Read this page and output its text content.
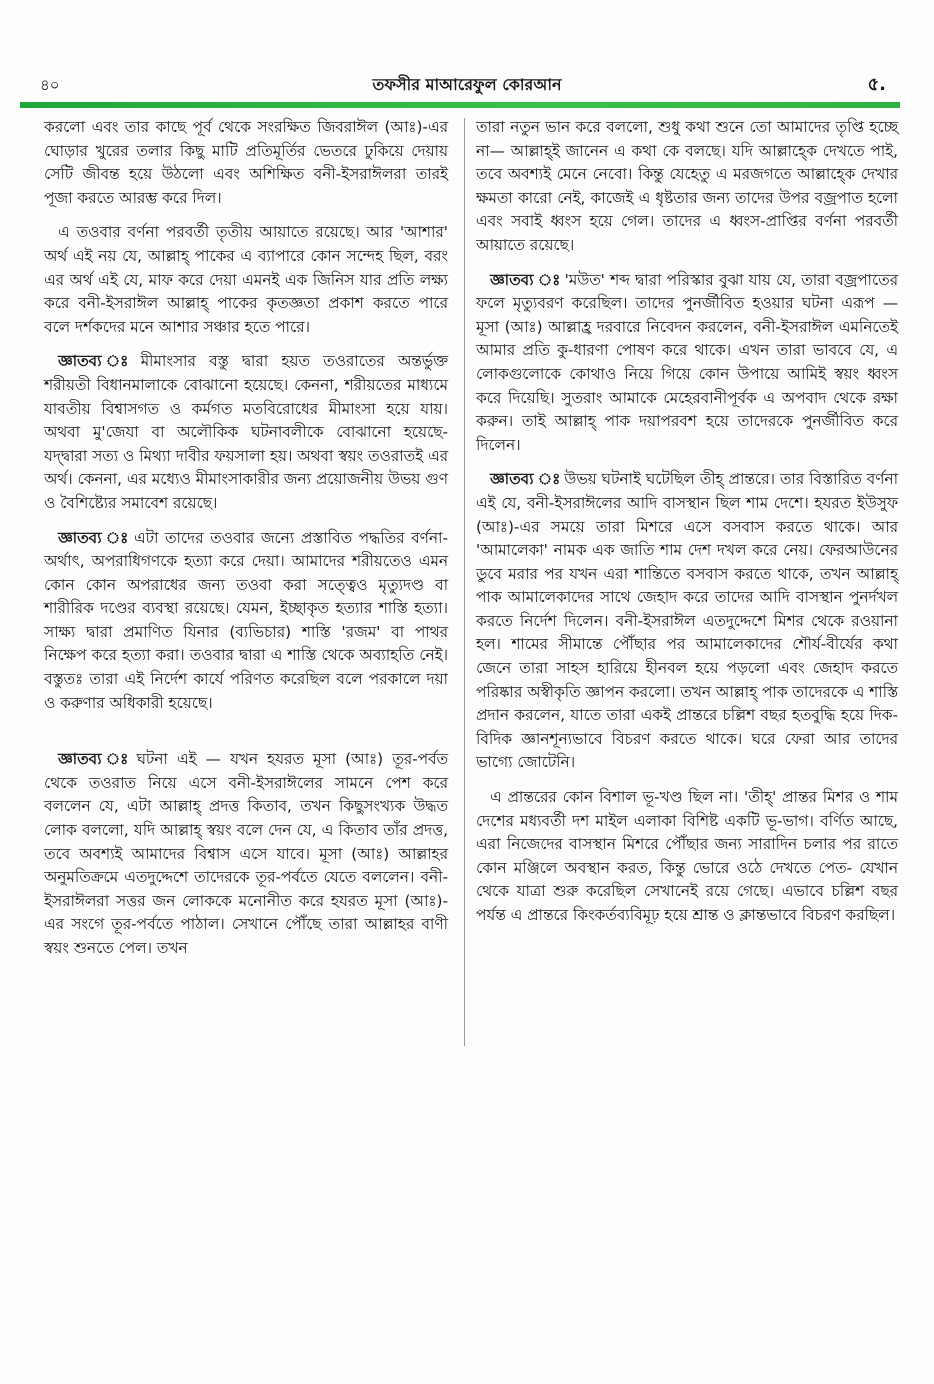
৪০	তফসীর মাআরেফুল কোরআন	৫.

করলো এবং তার কাছে পূর্ব থেকে সংরক্ষিত জিবরাঈল (আঃ)-এর ঘোড়ার খুরের তলার কিছু মাটি প্রতিমূর্তির ভেতরে ঢুকিয়ে দেয়ায় সেটি জীবন্ত হয়ে উঠলো এবং অশিক্ষিত বনী-ইসরাঈলরা তারই পূজা করতে আরম্ভ করে দিল।

এ তওবার বর্ণনা পরবর্তী তৃতীয় আয়াতে রয়েছে। আর 'আশার' অর্থ এই নয় যে, আল্লাহ্ পাকের এ ব্যাপারে কোন সন্দেহ ছিল, বরং এর অর্থ এই যে, মাফ করে দেয়া এমনই এক জিনিস যার প্রতি লক্ষ্য করে বনী-ইসরাঈল আল্লাহ্ পাকের কৃতজ্ঞতা প্রকাশ করতে পারে বলে দর্শকদের মনে আশার সঞ্চার হতে পারে।

জ্ঞাতব্য ঃ মীমাংসার বস্তু দ্বারা হয়ত তওরাতের অন্তর্ভুক্ত শরীয়তী বিধানমালাকে বোঝানো হয়েছে। কেননা, শরীয়তের মাধ্যমে যাবতীয় বিশ্বাসগত ও কর্মগত মতবিরোধের মীমাংসা হয়ে যায়। অথবা মু'জেযা বা অলৌকিক ঘটনাবলীকে বোঝানো হয়েছে- যদ্দ্বারা সত্য ও মিথ্যা দাবীর ফয়সালা হয়। অথবা স্বয়ং তওরাতই এর অর্থ। কেননা, এর মধ্যেও মীমাংসাকারীর জন্য প্রয়োজনীয় উভয় গুণ ও বৈশিষ্ট্যের সমাবেশ রয়েছে।

জ্ঞাতব্য ঃ এটা তাদের তওবার জন্যে প্রস্তাবিত পদ্ধতির বর্ণনা- অর্থাৎ, অপরাধিগণকে হত্যা করে দেয়া। আমাদের শরীয়তেও এমন কোন কোন অপরাধের জন্য তওবা করা সত্ত্বেও মৃত্যুদণ্ড বা শারীরিক দণ্ডের ব্যবস্থা রয়েছে। যেমন, ইচ্ছাকৃত হত্যার শাস্তি হত্যা। সাক্ষ্য দ্বারা প্রমাণিত যিনার (ব্যভিচার) শাস্তি 'রজম' বা পাথর নিক্ষেপ করে হত্যা করা। তওবার দ্বারা এ শাস্তি থেকে অব্যাহতি নেই। বস্তুতঃ তারা এই নির্দেশ কার্যে পরিণত করেছিল বলে পরকালে দয়া ও করুণার অধিকারী হয়েছে।

জ্ঞাতব্য ঃ ঘটনা এই — যখন হযরত মূসা (আঃ) তূর-পর্বত থেকে তওরাত নিয়ে এসে বনী-ইসরাঈলের সামনে পেশ করে বললেন যে, এটা আল্লাহ্ প্রদত্ত কিতাব, তখন কিছুসংখ্যক উদ্ধত লোক বললো, যদি আল্লাহ্ স্বয়ং বলে দেন যে, এ কিতাব তাঁর প্রদত্ত, তবে অবশ্যই আমাদের বিশ্বাস এসে যাবে। মূসা (আঃ) আল্লাহর অনুমতিক্রমে এতদুদ্দেশে তাদেরকে তূর-পর্বতে যেতে বললেন। বনী-ইসরাঈলরা সত্তর জন লোককে মনোনীত করে হযরত মূসা (আঃ)-এর সংগে তূর-পর্বতে পাঠাল। সেখানে পৌঁছে তারা আল্লাহর বাণী স্বয়ং শুনতে পেল। তখন

তারা নতুন ভান করে বললো, শুধু কথা শুনে তো আমাদের তৃপ্তি হচ্ছে না— আল্লাহ্ই জানেন এ কথা কে বলছে। যদি আল্লাহ্কে দেখতে পাই, তবে অবশ্যই মেনে নেবো। কিন্তু যেহেতু এ মরজগতে আল্লাহ্কে দেখার ক্ষমতা কারো নেই, কাজেই এ ধৃষ্টতার জন্য তাদের উপর বজ্রপাত হলো এবং সবাই ধ্বংস হয়ে গেল। তাদের এ ধ্বংস-প্রাপ্তির বর্ণনা পরবর্তী আয়াতে রয়েছে।

জ্ঞাতব্য ঃ 'মউত' শব্দ দ্বারা পরিস্কার বুঝা যায় যে, তারা বজ্রপাতের ফলে মৃত্যুবরণ করেছিল। তাদের পুনর্জীবিত হওয়ার ঘটনা এরূপ — মূসা (আঃ) আল্লাহ্র দরবারে নিবেদন করলেন, বনী-ইসরাঈল এমনিতেই আমার প্রতি কু-ধারণা পোষণ করে থাকে। এখন তারা ভাববে যে, এ লোকগুলোকে কোথাও নিয়ে গিয়ে কোন উপায়ে আমিই স্বয়ং ধ্বংস করে দিয়েছি। সুতরাং আমাকে মেহেরবানীপূর্বক এ অপবাদ থেকে রক্ষা করুন। তাই আল্লাহ্ পাক দয়াপরবশ হয়ে তাদেরকে পুনর্জীবিত করে দিলেন।

জ্ঞাতব্য ঃ উভয় ঘটনাই ঘটেছিল তীহ্ প্রান্তরে। তার বিস্তারিত বর্ণনা এই যে, বনী-ইসরাঈলের আদি বাসস্থান ছিল শাম দেশে। হযরত ইউসুফ (আঃ)-এর সময়ে তারা মিশরে এসে বসবাস করতে থাকে। আর 'আমালেকা' নামক এক জাতি শাম দেশ দখল করে নেয়। ফেরআউনের ডুবে মরার পর যখন এরা শান্তিতে বসবাস করতে থাকে, তখন আল্লাহ্ পাক আমালেকাদের সাথে জেহাদ করে তাদের আদি বাসস্থান পুনর্দখল করতে নির্দেশ দিলেন। বনী-ইসরাঈল এতদুদ্দেশে মিশর থেকে রওয়ানা হল। শামের সীমান্তে পৌঁছার পর আমালেকাদের শৌর্য-বীর্যের কথা জেনে তারা সাহস হারিয়ে হীনবল হয়ে পড়লো এবং জেহাদ করতে পরিষ্কার অস্বীকৃতি জ্ঞাপন করলো। তখন আল্লাহ্ পাক তাদেরকে এ শাস্তি প্রদান করলেন, যাতে তারা একই প্রান্তরে চল্লিশ বছর হতবুদ্ধি হয়ে দিক-বিদিক জ্ঞানশূন্যভাবে বিচরণ করতে থাকে। ঘরে ফেরা আর তাদের ভাগ্যে জোটেনি।

এ প্রান্তরের কোন বিশাল ভূ-খণ্ড ছিল না। 'তীহ্' প্রান্তর মিশর ও শাম দেশের মধ্যবর্তী দশ মাইল এলাকা বিশিষ্ট একটি ভূ-ভাগ। বর্ণিত আছে, এরা নিজেদের বাসস্থান মিশরে পৌঁছার জন্য সারাদিন চলার পর রাতে কোন মঞ্জিলে অবস্থান করত, কিন্তু ভোরে ওঠে দেখতে পেত- যেখান থেকে যাত্রা শুরু করেছিল সেখানেই রয়ে গেছে। এভাবে চল্লিশ বছর পর্যন্ত এ প্রান্তরে কিংকর্তব্যবিমূঢ় হয়ে শ্রান্ত ও ক্লান্তভাবে বিচরণ করছিল।
